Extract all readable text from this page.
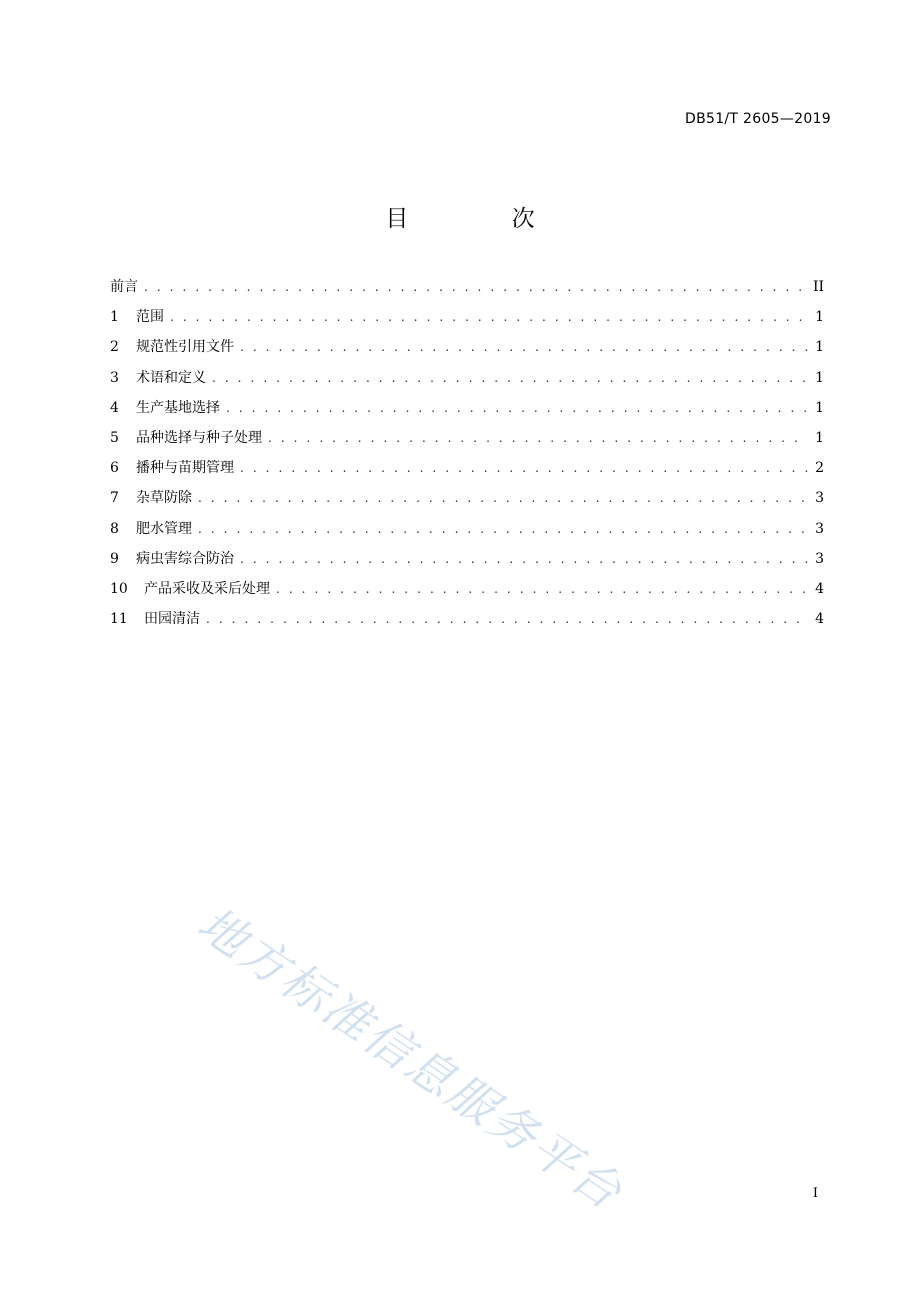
DB51/T 2605—2019
目 次
前言 . . .	II
1	范围 . . .	1
2	规范性引用文件 . . .	1
3	术语和定义 . . .	1
4	生产基地选择 . . .	1
5	品种选择与种子处理 . . .	1
6	播种与苗期管理 . . .	2
7	杂草防除 . . .	3
8	肥水管理 . . .	3
9	病虫害综合防治 . . .	3
10	产品采收及采后处理 . . .	4
11	田园清洁 . . .	4
地方标准信息服务平台	I
